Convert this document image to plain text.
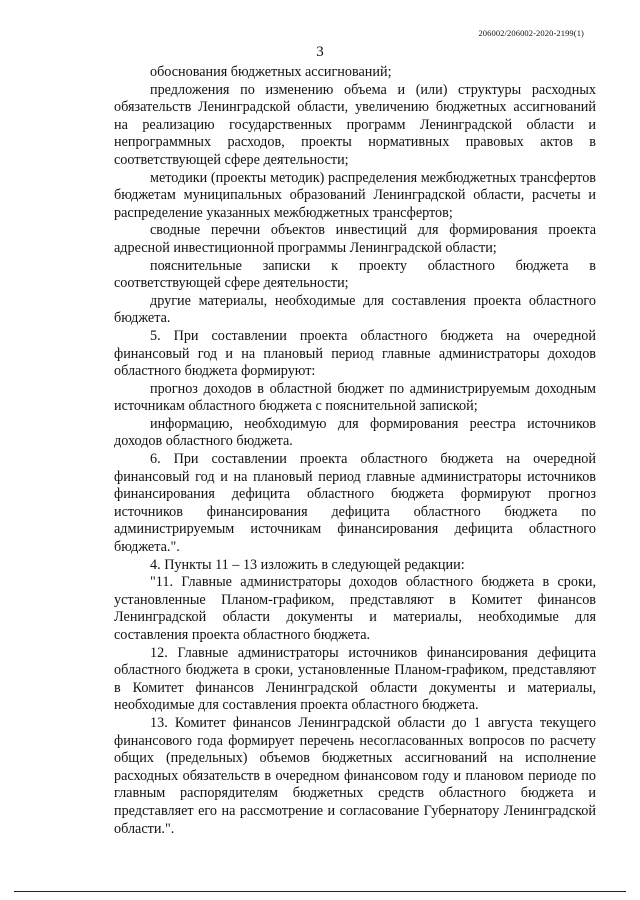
206002/206002-2020-2199(1)
3

обоснования бюджетных ассигнований;

предложения по изменению объема и (или) структуры расходных обязательств Ленинградской области, увеличению бюджетных ассигнований на реализацию государственных программ Ленинградской области и непрограммных расходов, проекты нормативных правовых актов в соответствующей сфере деятельности;

методики (проекты методик) распределения межбюджетных трансфертов бюджетам муниципальных образований Ленинградской области, расчеты и распределение указанных межбюджетных трансфертов;

сводные перечни объектов инвестиций для формирования проекта адресной инвестиционной программы Ленинградской области;

пояснительные записки к проекту областного бюджета в соответствующей сфере деятельности;

другие материалы, необходимые для составления проекта областного бюджета.

5. При составлении проекта областного бюджета на очередной финансовый год и на плановый период главные администраторы доходов областного бюджета формируют:

прогноз доходов в областной бюджет по администрируемым доходным источникам областного бюджета с пояснительной запиской;

информацию, необходимую для формирования реестра источников доходов областного бюджета.

6. При составлении проекта областного бюджета на очередной финансовый год и на плановый период главные администраторы источников финансирования дефицита областного бюджета формируют прогноз источников финансирования дефицита областного бюджета по администрируемым источникам финансирования дефицита областного бюджета.".

4. Пункты 11 – 13 изложить в следующей редакции:

"11. Главные администраторы доходов областного бюджета в сроки, установленные Планом-графиком, представляют в Комитет финансов Ленинградской области документы и материалы, необходимые для составления проекта областного бюджета.

12. Главные администраторы источников финансирования дефицита областного бюджета в сроки, установленные Планом-графиком, представляют в Комитет финансов Ленинградской области документы и материалы, необходимые для составления проекта областного бюджета.

13. Комитет финансов Ленинградской области до 1 августа текущего финансового года формирует перечень несогласованных вопросов по расчету общих (предельных) объемов бюджетных ассигнований на исполнение расходных обязательств в очередном финансовом году и плановом периоде по главным распорядителям бюджетных средств областного бюджета и представляет его на рассмотрение и согласование Губернатору Ленинградской области.".
